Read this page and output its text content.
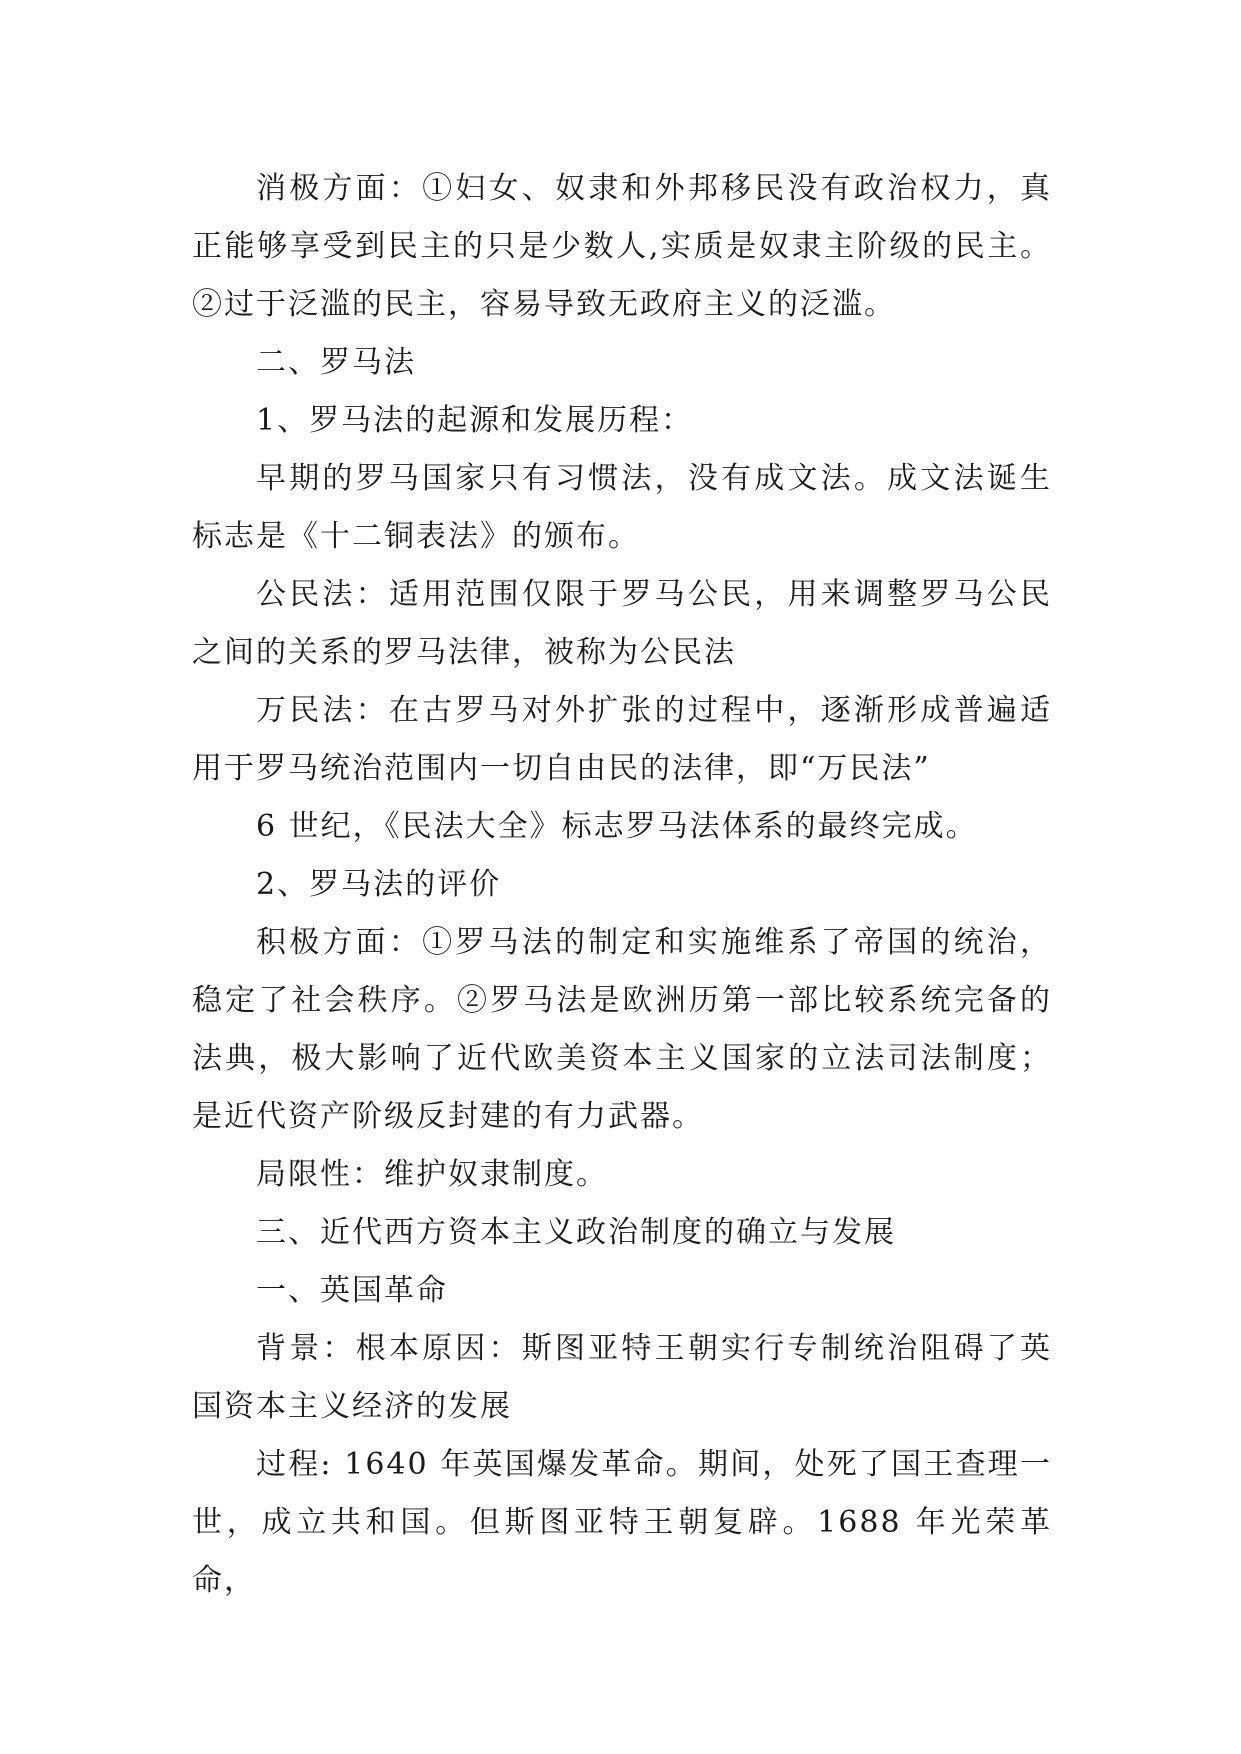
消极方面：①妇女、奴隶和外邦移民没有政治权力，真正能够享受到民主的只是少数人,实质是奴隶主阶级的民主。②过于泛滥的民主，容易导致无政府主义的泛滥。

二、罗马法

1、罗马法的起源和发展历程：

早期的罗马国家只有习惯法，没有成文法。成文法诞生标志是《十二铜表法》的颁布。

公民法：适用范围仅限于罗马公民，用来调整罗马公民之间的关系的罗马法律，被称为公民法

万民法：在古罗马对外扩张的过程中，逐渐形成普遍适用于罗马统治范围内一切自由民的法律，即“万民法”

6 世纪，《民法大全》标志罗马法体系的最终完成。

2、罗马法的评价

积极方面：①罗马法的制定和实施维系了帝国的统治，稳定了社会秩序。②罗马法是欧洲历第一部比较系统完备的法典，极大影响了近代欧美资本主义国家的立法司法制度；是近代资产阶级反封建的有力武器。

局限性：维护奴隶制度。

三、近代西方资本主义政治制度的确立与发展

一、英国革命

背景：根本原因：斯图亚特王朝实行专制统治阻碍了英国资本主义经济的发展

过程: 1640 年英国爆发革命。期间，处死了国王查理一世，成立共和国。但斯图亚特王朝复辟。1688 年光荣革命，
